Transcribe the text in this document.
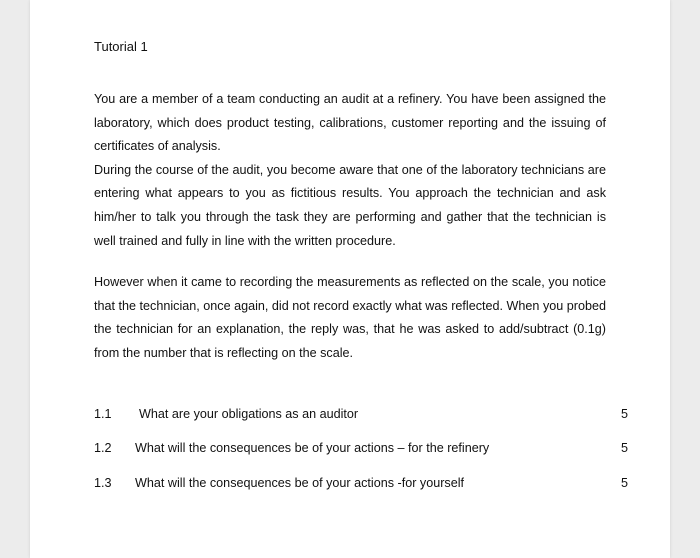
Tutorial 1
You are a member of a team conducting an audit at a refinery. You have been assigned the laboratory, which does product testing, calibrations, customer reporting and the issuing of certificates of analysis.
During the course of the audit, you become aware that one of the laboratory technicians are entering what appears to you as fictitious results. You approach the technician and ask him/her to talk you through the task they are performing and gather that the technician is well trained and fully in line with the written procedure.
However when it came to recording the measurements as reflected on the scale, you notice that the technician, once again, did not record exactly what was reflected. When you probed the technician for an explanation, the reply was, that he was asked to add/subtract (0.1g) from the number that is reflecting on the scale.
1.1 What are your obligations as an auditor	5
1.2 What will the consequences be of your actions – for the refinery	5
1.3 What will the consequences be of your actions -for yourself	5
